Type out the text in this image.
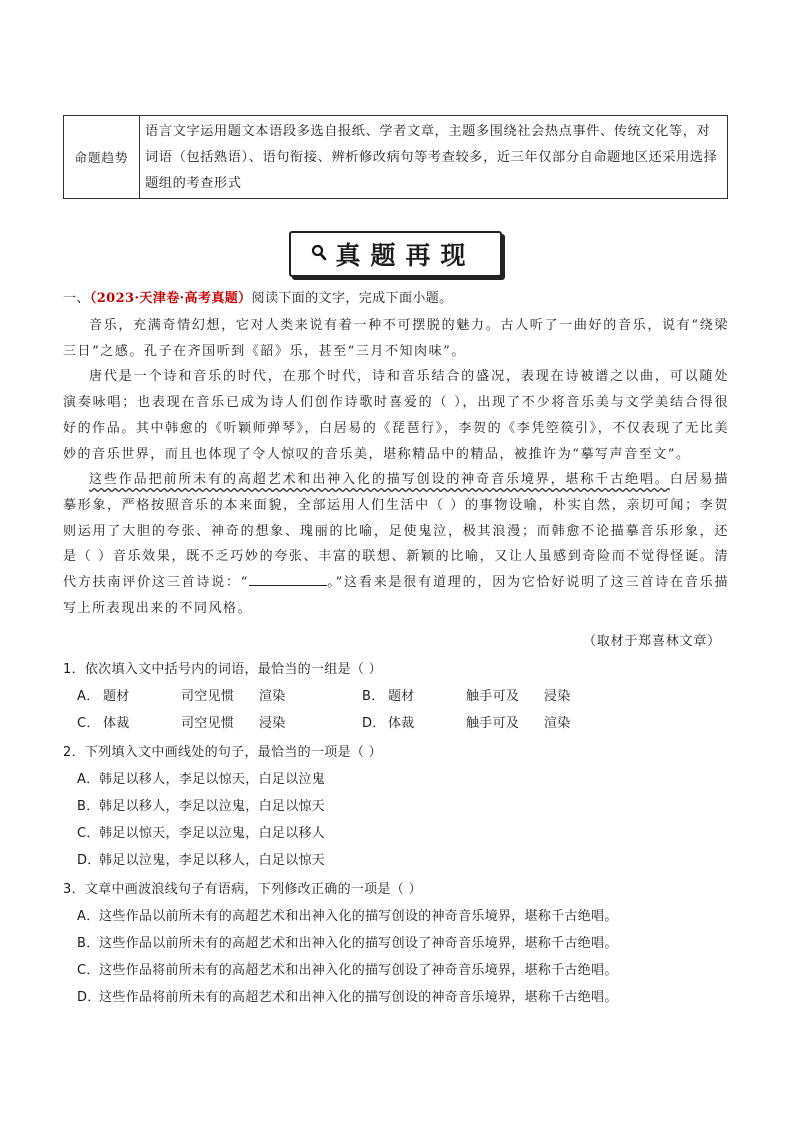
命题趋势
语言文字运用题文本语段多选自报纸、学者文章，主题多围绕社会热点事件、传统文化等，对词语（包括熟语）、语句衔接、辨析修改病句等考查较多，近三年仅部分自命题地区还采用选择题组的考查形式
真题再现
一、（2023·天津卷·高考真题）阅读下面的文字，完成下面小题。

音乐，充满奇情幻想，它对人类来说有着一种不可摆脱的魅力。古人听了一曲好的音乐，说有“绕梁三日”之感。孔子在齐国听到《韶》乐，甚至“三月不知肉味”。

唐代是一个诗和音乐的时代，在那个时代，诗和音乐结合的盛况，表现在诗被谱之以曲，可以随处演奏咏唱；也表现在音乐已成为诗人们创作诗歌时喜爱的（ ），出现了不少将音乐美与文学美结合得很好的作品。其中韩愈的《听颖师弹琴》，白居易的《琵琶行》，李贺的《李凭箜篌引》，不仅表现了无比美妙的音乐世界，而且也体现了令人惊叹的音乐美，堪称精品中的精品，被推许为“摹写声音至文”。

这些作品把前所未有的高超艺术和出神入化的描写创设的神奇音乐境界，堪称千古绝唱。白居易描摹形象，严格按照音乐的本来面貌，全部运用人们生活中（ ）的事物设喻，朴实自然，亲切可闻；李贺则运用了大胆的夸张、神奇的想象、瑰丽的比喻，足使鬼泣，极其浪漫；而韩愈不论描摹音乐形象，还是（ ）音乐效果，既不乏巧妙的夸张、丰富的联想、新颖的比喻，又让人虽感到奇险而不觉得怪诞。清代方扶南评价这三首诗说：“	。”这看来是很有道理的，因为它恰好说明了这三首诗在音乐描写上所表现出来的不同风格。

（取材于郑喜林文章）
1．依次填入文中括号内的词语，最恰当的一组是（ ）
A． 题材	司空见惯	渲染	B． 题材	触手可及	浸染
C． 体裁	司空见惯	浸染	D． 体裁	触手可及	渲染
2．下列填入文中画线处的句子，最恰当的一项是（ ）
A．韩足以移人，李足以惊天，白足以泣鬼
B．韩足以移人，李足以泣鬼，白足以惊天
C．韩足以惊天，李足以泣鬼，白足以移人
D．韩足以泣鬼，李足以移人，白足以惊天
3．文章中画波浪线句子有语病，下列修改正确的一项是（ ）
A．这些作品以前所未有的高超艺术和出神入化的描写创设的神奇音乐境界，堪称千古绝唱。
B．这些作品以前所未有的高超艺术和出神入化的描写创设了神奇音乐境界，堪称千古绝唱。
C．这些作品将前所未有的高超艺术和出神入化的描写创设了神奇音乐境界，堪称千古绝唱。
D．这些作品将前所未有的高超艺术和出神入化的描写创设的神奇音乐境界，堪称千古绝唱。
